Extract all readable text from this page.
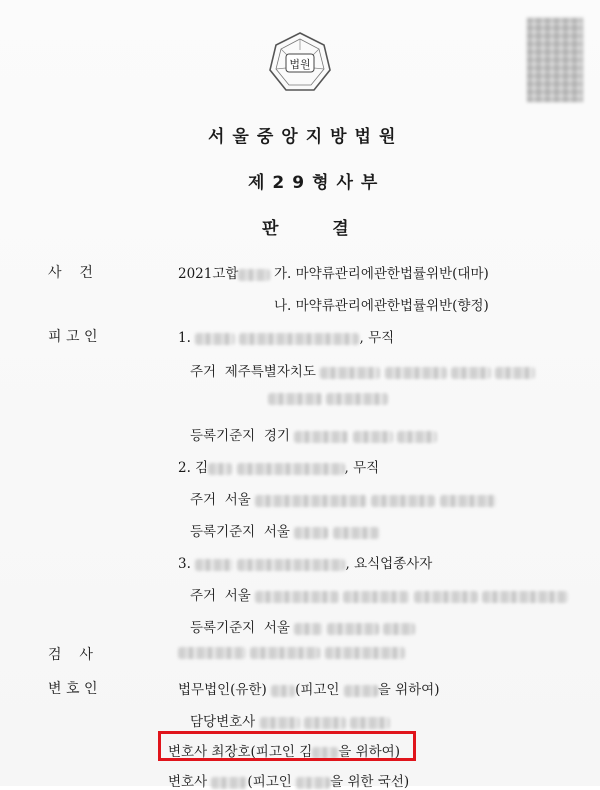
법원
서울중앙지방법원
제29형사부
판  결
사    건	2021고합	가. 마약류관리에관한법률위반(대마)
나. 마약류관리에관한법률위반(향정)
피 고 인	1.	, 무직
주거 제주특별자치도

등록기준지 경기
2. 김	, 무직
주거 서울
등록기준지 서울
3.	, 요식업종사자
주거 서울
등록기준지 서울
검    사

변 호 인	법무법인(유한) (피고인	을 위하여)
담당변호사
변호사 최장호(피고인 김 을 위하여)
변호사	(피고인	을 위한 국선)
